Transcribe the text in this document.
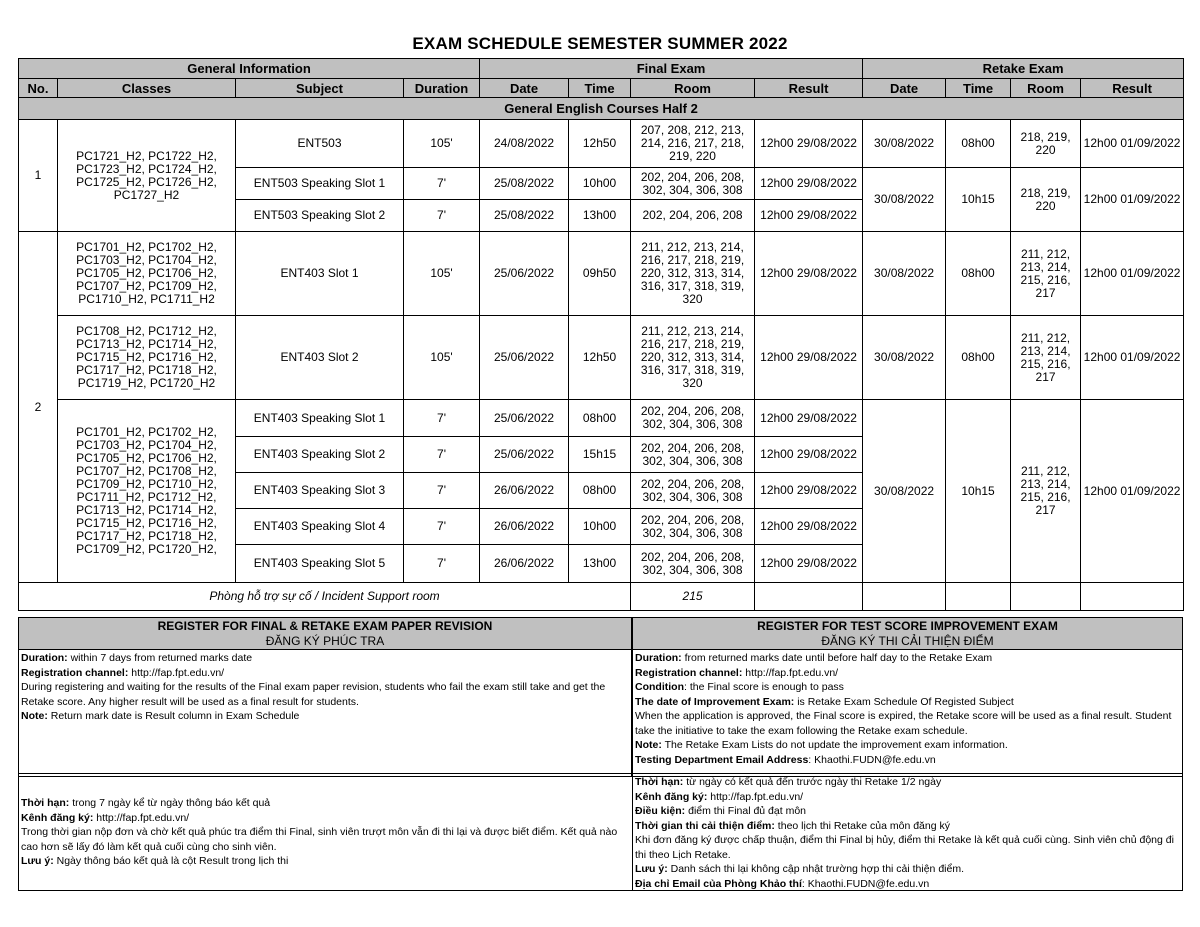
EXAM SCHEDULE SEMESTER SUMMER 2022
General Information				Final Exam				Retake Exam			
No.	Classes	Subject	Duration	Date	Time	Room	Result	Date	Time	Room	Result
General English Courses Half 2											
1	PC1721_H2, PC1722_H2, PC1723_H2, PC1724_H2, PC1725_H2, PC1726_H2, PC1727_H2	ENT503	105'	24/08/2022	12h50	207, 208, 212, 213, 214, 216, 217, 218, 219, 220	12h00 29/08/2022	30/08/2022	08h00	218, 219, 220	12h00 01/09/2022
		ENT503 Speaking Slot 1	7'	25/08/2022	10h00	202, 204, 206, 208, 302, 304, 306, 308	12h00 29/08/2022	30/08/2022	10h15	218, 219, 220	12h00 01/09/2022
		ENT503 Speaking Slot 2	7'	25/08/2022	13h00	202, 204, 206, 208	12h00 29/08/2022				
2	PC1701_H2, PC1702_H2, PC1703_H2, PC1704_H2, PC1705_H2, PC1706_H2, PC1707_H2, PC1709_H2, PC1710_H2, PC1711_H2	ENT403 Slot 1	105'	25/06/2022	09h50	211, 212, 213, 214, 216, 217, 218, 219, 220, 312, 313, 314, 316, 317, 318, 319, 320	12h00 29/08/2022	30/08/2022	08h00	211, 212, 213, 214, 215, 216, 217	12h00 01/09/2022
	PC1708_H2, PC1712_H2, PC1713_H2, PC1714_H2, PC1715_H2, PC1716_H2, PC1717_H2, PC1718_H2, PC1719_H2, PC1720_H2	ENT403 Slot 2	105'	25/06/2022	12h50	211, 212, 213, 214, 216, 217, 218, 219, 220, 312, 313, 314, 316, 317, 318, 319, 320	12h00 29/08/2022	30/08/2022	08h00	211, 212, 213, 214, 215, 216, 217	12h00 01/09/2022
	PC1701_H2, PC1702_H2, PC1703_H2, PC1704_H2, PC1705_H2, PC1706_H2, PC1707_H2, PC1708_H2, PC1709_H2, PC1710_H2, PC1711_H2, PC1712_H2, PC1713_H2, PC1714_H2, PC1715_H2, PC1716_H2, PC1717_H2, PC1718_H2, PC1709_H2, PC1720_H2,	ENT403 Speaking Slot 1	7'	25/06/2022	08h00	202, 204, 206, 208, 302, 304, 306, 308	12h00 29/08/2022	30/08/2022	10h15	211, 212, 213, 214, 215, 216, 217	12h00 01/09/2022
		ENT403 Speaking Slot 2	7'	25/06/2022	15h15	202, 204, 206, 208, 302, 304, 306, 308	12h00 29/08/2022				
		ENT403 Speaking Slot 3	7'	26/06/2022	08h00	202, 204, 206, 208, 302, 304, 306, 308	12h00 29/08/2022				
		ENT403 Speaking Slot 4	7'	26/06/2022	10h00	202, 204, 206, 208, 302, 304, 306, 308	12h00 29/08/2022				
		ENT403 Speaking Slot 5	7'	26/06/2022	13h00	202, 204, 206, 208, 302, 304, 306, 308	12h00 29/08/2022				
Phòng hỗ trợ sự cố / Incident Support room						215					
REGISTER FOR FINAL & RETAKE EXAM PAPER REVISION
ĐĂNG KÝ PHÚC TRA
Duration: within 7 days from returned marks date
Registration channel: http://fap.fpt.edu.vn/
During registering and waiting for the results of the Final exam paper revision, students who fail the exam still take and get the Retake score. Any higher result will be used as a final result for students.
Note: Return mark date is Result column in Exam Schedule
REGISTER FOR TEST SCORE IMPROVEMENT EXAM
ĐĂNG KÝ THI CẢI THIỆN ĐIỂM
Duration: from returned marks date until before half day to the Retake Exam
Registration channel: http://fap.fpt.edu.vn/
Condition: the Final score is enough to pass
The date of Improvement Exam: is Retake Exam Schedule Of Registed Subject
When the application is approved, the Final score is expired, the Retake score will be used as a final result. Student take the initiative to take the exam following the Retake exam schedule.
Note: The Retake Exam Lists do not update the improvement exam information.
Testing Department Email Address: Khaothi.FUDN@fe.edu.vn
Thời hạn: trong 7 ngày kể từ ngày thông báo kết quả
Kênh đăng ký: http://fap.fpt.edu.vn/
Trong thời gian nộp đơn và chờ kết quả phúc tra điểm thi Final, sinh viên trượt môn vẫn đi thi lại và được biết điểm. Kết quả nào cao hơn sẽ lấy đó làm kết quả cuối cùng cho sinh viên.
Lưu ý: Ngày thông báo kết quả là cột Result trong lịch thi
Thời hạn: từ ngày có kết quả đến trước ngày thi Retake 1/2 ngày
Kênh đăng ký: http://fap.fpt.edu.vn/
Điều kiện: điểm thi Final đủ đạt môn
Thời gian thi cải thiện điểm: theo lịch thi Retake của môn đăng ký
Khi đơn đăng ký được chấp thuận, điểm thi Final bị hủy, điểm thi Retake là kết quả cuối cùng. Sinh viên chủ động đi thi theo Lịch Retake.
Lưu ý: Danh sách thi lại không cập nhật trường hợp thi cải thiện điểm.
Địa chỉ Email của Phòng Khảo thí: Khaothi.FUDN@fe.edu.vn
